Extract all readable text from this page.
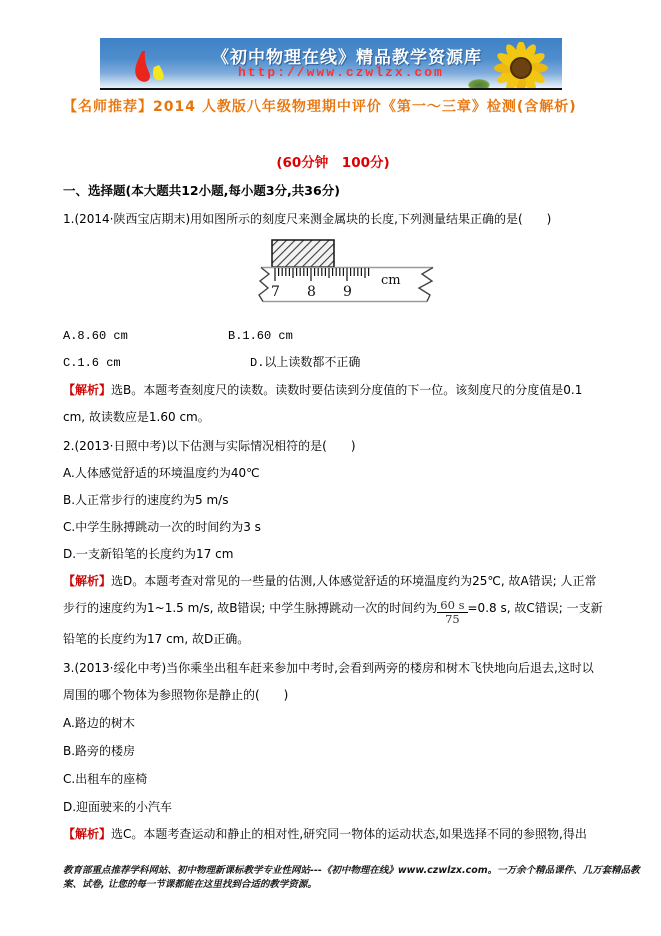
《初中物理在线》精品教学资源库
http://www.czwlzx.com
【名师推荐】2014 人教版八年级物理期中评价《第一～三章》检测(含解析)
(60分钟　100分)
一、选择题(本大题共12小题,每小题3分,共36分)
1.(2014·陕西宝店期末)用如图所示的刻度尺来测金属块的长度,下列测量结果正确的是(　　)
7 8 9
cm
A.8.60 cm	B.1.60 cm
C.1.6 cm	D.以上读数都不正确

【解析】选B。本题考查刻度尺的读数。读数时要估读到分度值的下一位。该刻度尺的分度值是0.1 cm, 故读数应是1.60 cm。

2.(2013·日照中考)以下估测与实际情况相符的是(　　)
A.人体感觉舒适的环境温度约为40℃
B.人正常步行的速度约为5 m/s
C.中学生脉搏跳动一次的时间约为3 s
D.一支新铅笔的长度约为17 cm

【解析】选D。本题考查对常见的一些量的估测,人体感觉舒适的环境温度约为25℃, 故A错误; 人正常步行的速度约为1~1.5 m/s, 故B错误; 中学生脉搏跳动一次的时间约为 $\frac{60 s}{75} =0.8$ s, 故C错误; 一支新铅笔的长度约为17 cm, 故D正确。

3.(2013·绥化中考)当你乘坐出租车赶来参加中考时,会看到两旁的楼房和树木飞快地向后退去,这时以周围的哪个物体为参照物你是静止的(　　)
A.路边的树木
B.路旁的楼房
C.出租车的座椅
D.迎面驶来的小汽车

【解析】选C。本题考查运动和静止的相对性,研究同一物体的运动状态,如果选择不同的参照物,得出

教育部重点推荐学科网站、初中物理新课标教学专业性网站---《初中物理在线》www.czwlzx.com。一万余个精品课件、几万套精品教案、试卷, 让您的每一节课都能在这里找到合适的教学资源。
